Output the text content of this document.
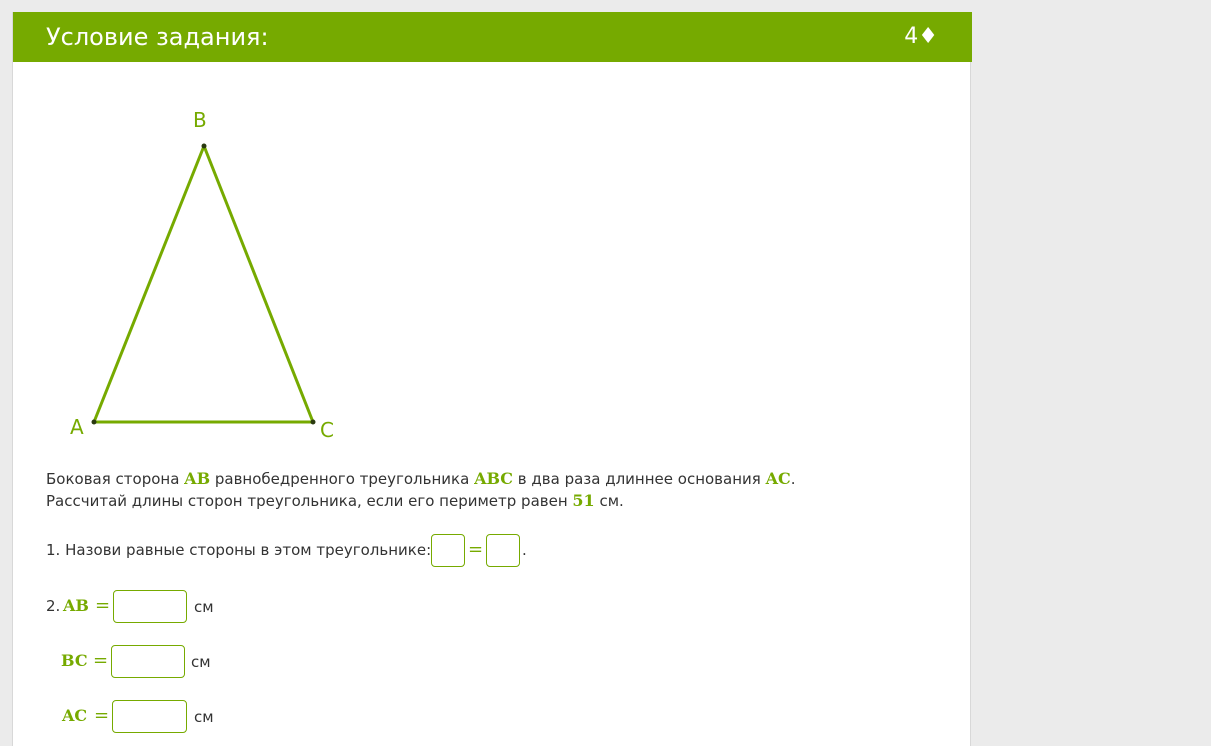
Условие задания:	4♦
A
B
C
Боковая сторона AB равнобедренного треугольника ABC в два раза длиннее основания AC.
Рассчитай длины сторон треугольника, если его периметр равен 51 см.
1. Назови равные стороны в этом треугольнике: =	.
2. AB =	см
BC =	см
AC =	см
